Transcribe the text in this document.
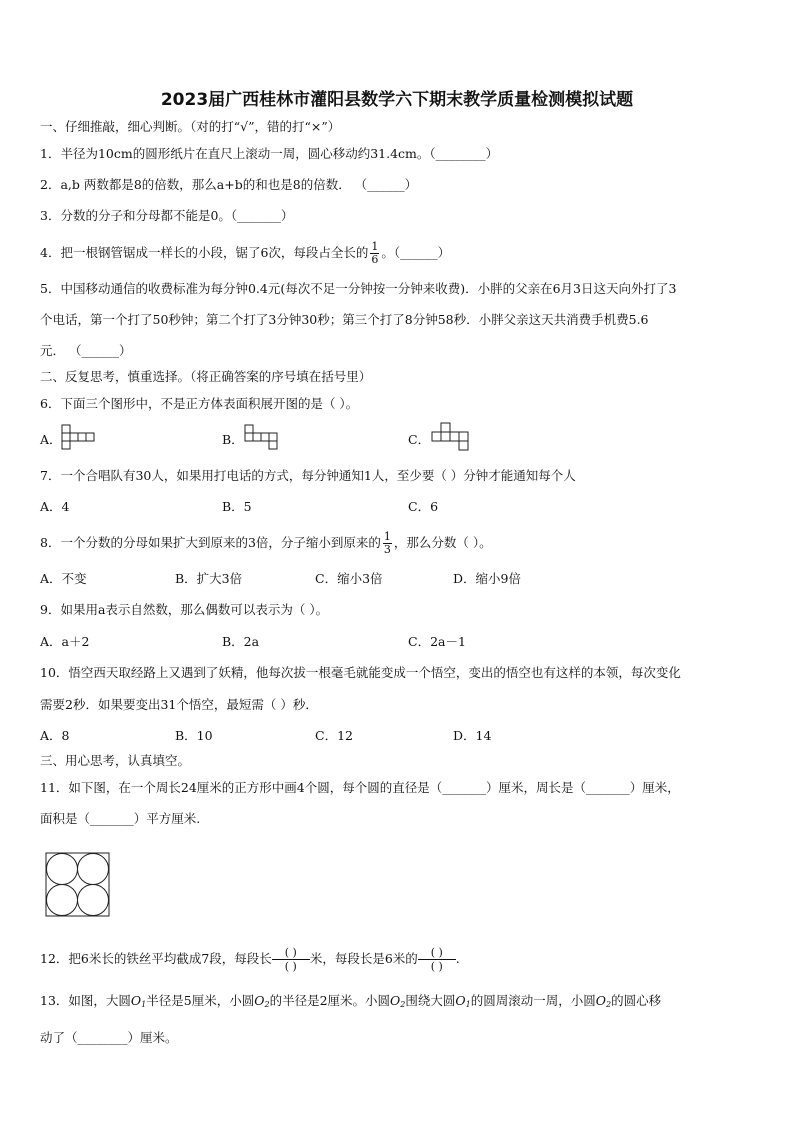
2023届广西桂林市灌阳县数学六下期末教学质量检测模拟试题
一、仔细推敲，细心判断。（对的打“√”，错的打“×”）
1．半径为10cm的圆形纸片在直尺上滚动一周，圆心移动约31.4cm。（________）
2．a,b 两数都是8的倍数，那么a+b的和也是8的倍数． （______）
3．分数的分子和分母都不能是0。（_______）
4．把一根钢管锯成一样长的小段，锯了6次，每段占全长的 $\frac{1}{6}$ 。（______）
5．中国移动通信的收费标准为每分钟0.4元(每次不足一分钟按一分钟来收费)．小胖的父亲在6月3日这天向外打了3
个电话，第一个打了50秒钟；第二个打了3分钟30秒；第三个打了8分钟58秒．小胖父亲这天共消费手机费5.6
元． （______）
二、反复思考，慎重选择。（将正确答案的序号填在括号里）
6．下面三个图形中，不是正方体表面积展开图的是（ ）。
A．	B．	C．
7．一个合唱队有30人，如果用打电话的方式，每分钟通知1人，至少要（ ）分钟才能通知每个人
A．4	B．5	C．6
8．一个分数的分母如果扩大到原来的3倍，分子缩小到原来的 $\frac{1}{3}$ ，那么分数（ ）。
A．不变	B．扩大3倍	C．缩小3倍	D．缩小9倍
9．如果用a表示自然数，那么偶数可以表示为（ ）。
A．a＋2	B．2a	C．2a－1
10．悟空西天取经路上又遇到了妖精，他每次拔一根毫毛就能变成一个悟空，变出的悟空也有这样的本领，每次变化
需要2秒．如果要变出31个悟空，最短需（ ）秒．
A．8	B．10	C．12	D．14
三、用心思考，认真填空。
11．如下图，在一个周长24厘米的正方形中画4个圆，每个圆的直径是（_______）厘米，周长是（_______）厘米，
面积是（_______）平方厘米.
12．把6米长的铁丝平均截成7段，每段长 $\frac{( )}{( )}$ 米，每段长是6米的 $\frac{( )}{( )}$ .
13．如图，大圆$O_1$半径是5厘米，小圆$O_2$的半径是2厘米。小圆$O_2$围绕大圆$O_1$的圆周滚动一周，小圆$O_2$的圆心移
动了（________）厘米。
